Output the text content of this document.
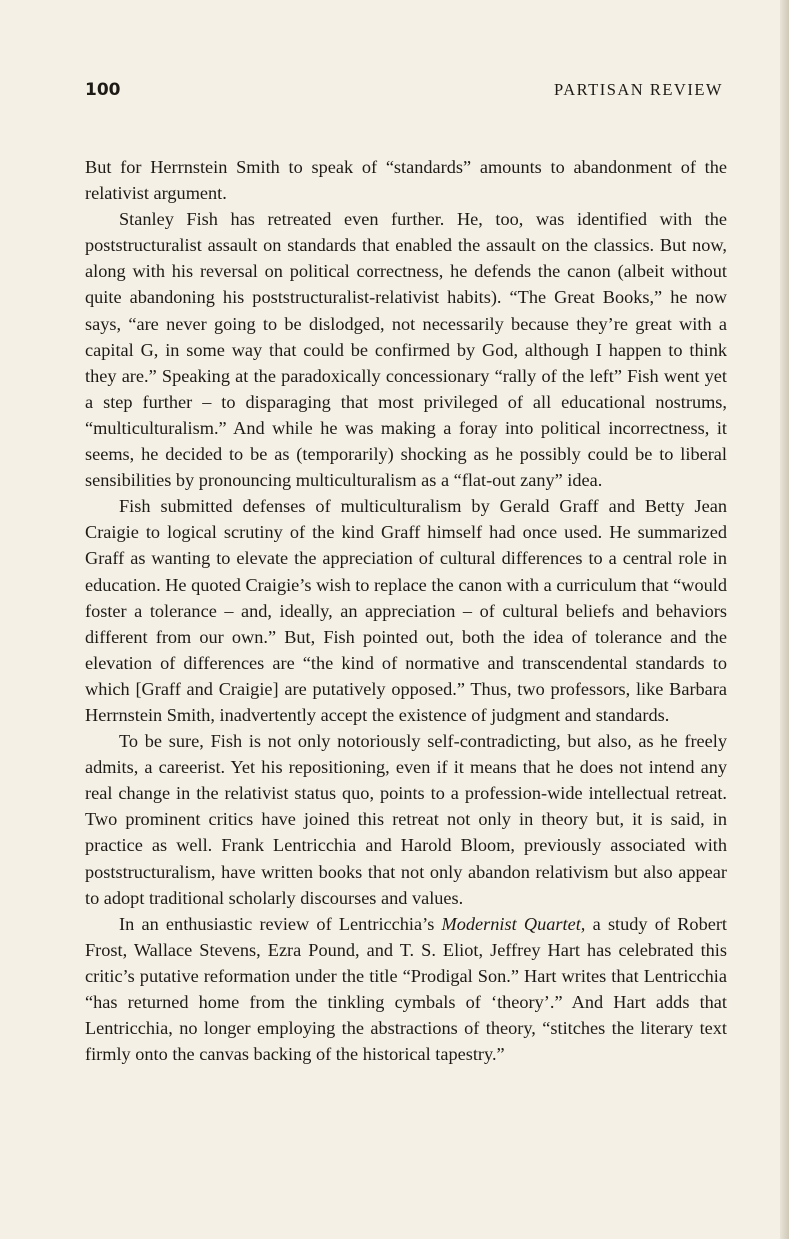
100	PARTISAN REVIEW

But for Herrnstein Smith to speak of “standards” amounts to abandonment of the relativist argument.

Stanley Fish has retreated even further. He, too, was identified with the poststructuralist assault on standards that enabled the assault on the classics. But now, along with his reversal on political correctness, he defends the canon (albeit without quite abandoning his poststructuralist-relativist habits). “The Great Books,” he now says, “are never going to be dislodged, not necessarily because they’re great with a capital G, in some way that could be confirmed by God, although I happen to think they are.” Speaking at the paradoxically concessionary “rally of the left” Fish went yet a step further – to disparaging that most privileged of all educational nostrums, “multiculturalism.” And while he was making a foray into political incorrectness, it seems, he decided to be as (temporarily) shocking as he possibly could be to liberal sensibilities by pronouncing multiculturalism as a “flat-out zany” idea.

Fish submitted defenses of multiculturalism by Gerald Graff and Betty Jean Craigie to logical scrutiny of the kind Graff himself had once used. He summarized Graff as wanting to elevate the appreciation of cultural differences to a central role in education. He quoted Craigie’s wish to replace the canon with a curriculum that “would foster a tolerance – and, ideally, an appreciation – of cultural beliefs and behaviors different from our own.” But, Fish pointed out, both the idea of tolerance and the elevation of differences are “the kind of normative and transcendental standards to which [Graff and Craigie] are putatively opposed.” Thus, two professors, like Barbara Herrnstein Smith, inadvertently accept the existence of judgment and standards.

To be sure, Fish is not only notoriously self-contradicting, but also, as he freely admits, a careerist. Yet his repositioning, even if it means that he does not intend any real change in the relativist status quo, points to a profession-wide intellectual retreat. Two prominent critics have joined this retreat not only in theory but, it is said, in practice as well. Frank Lentricchia and Harold Bloom, previously associated with poststructuralism, have written books that not only abandon relativism but also appear to adopt traditional scholarly discourses and values.

In an enthusiastic review of Lentricchia’s Modernist Quartet, a study of Robert Frost, Wallace Stevens, Ezra Pound, and T. S. Eliot, Jeffrey Hart has celebrated this critic’s putative reformation under the title “Prodigal Son.” Hart writes that Lentricchia “has returned home from the tinkling cymbals of ‘theory’.” And Hart adds that Lentricchia, no longer employing the abstractions of theory, “stitches the literary text firmly onto the canvas backing of the historical tapestry.”
